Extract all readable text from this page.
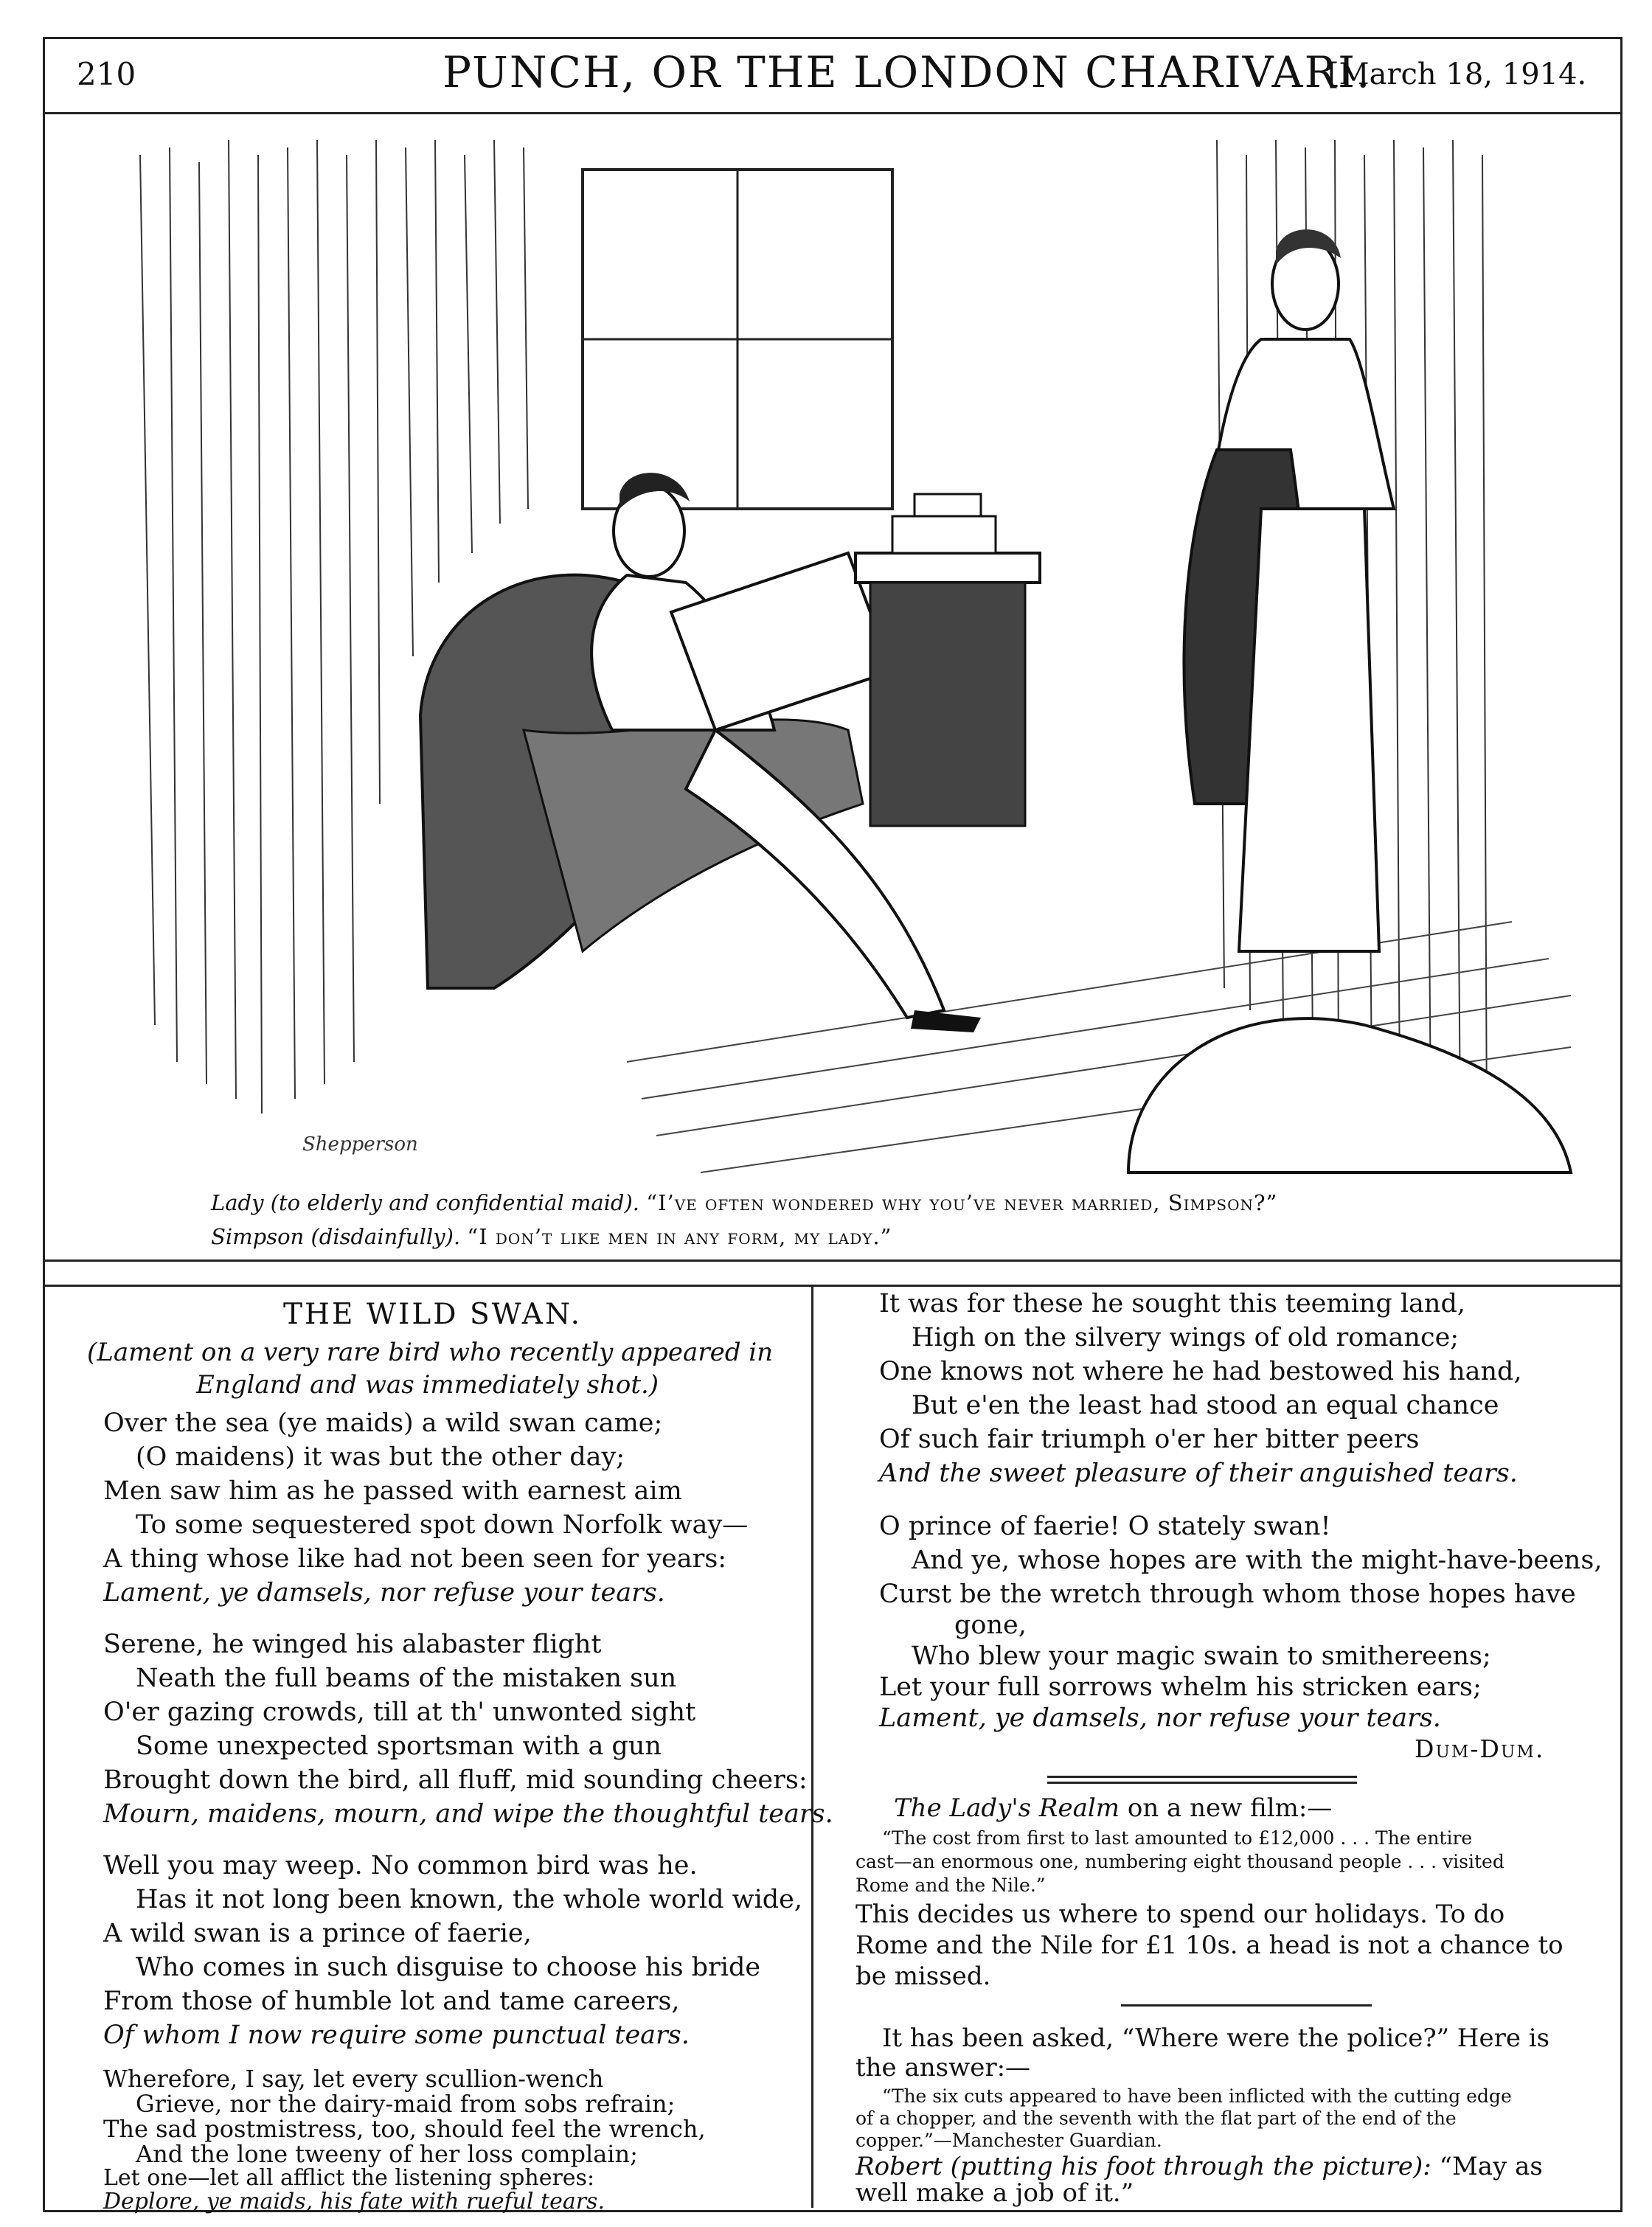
210	PUNCH, OR THE LONDON CHARIVARI.
[March 18, 1914.
Shepperson
Lady (to elderly and confidential maid). “I’ve often wondered why you’ve never married, Simpson?”
Simpson (disdainfully). “I don’t like men in any form, my lady.”
THE WILD SWAN.
(Lament on a very rare bird who recently appeared in
England and was immediately shot.)
Over the sea (ye maids) a wild swan came;
(O maidens) it was but the other day;
Men saw him as he passed with earnest aim
To some sequestered spot down Norfolk way—
A thing whose like had not been seen for years:
Lament, ye damsels, nor refuse your tears.
Serene, he winged his alabaster flight
Neath the full beams of the mistaken sun
O'er gazing crowds, till at th' unwonted sight
Some unexpected sportsman with a gun
Brought down the bird, all fluff, mid sounding cheers:
Mourn, maidens, mourn, and wipe the thoughtful tears.
Well you may weep. No common bird was he.
Has it not long been known, the whole world wide,
A wild swan is a prince of faerie,
Who comes in such disguise to choose his bride
From those of humble lot and tame careers,
Of whom I now require some punctual tears.
Wherefore, I say, let every scullion-wench
Grieve, nor the dairy-maid from sobs refrain;
The sad postmistress, too, should feel the wrench,
And the lone tweeny of her loss complain;
It was for these he sought this teeming land,
High on the silvery wings of old romance;
One knows not where he had bestowed his hand,
But e'en the least had stood an equal chance
Of such fair triumph o'er her bitter peers
And the sweet pleasure of their anguished tears.
O prince of faerie! O stately swan!
And ye, whose hopes are with the might-have-beens,
Curst be the wretch through whom those hopes have
gone,
Who blew your magic swain to smithereens;
Let your full sorrows whelm his stricken ears;
Lament, ye damsels, nor refuse your tears.
Dum-Dum.
The Lady's Realm on a new film:—
“The cost from first to last amounted to £12,000 . . . The entire
cast—an enormous one, numbering eight thousand people . . . visited
Rome and the Nile.”
This decides us where to spend our holidays. To do
Rome and the Nile for £1 10s. a head is not a chance to
be missed.
It has been asked, “Where were the police?” Here is
the answer:—
“The six cuts appeared to have been inflicted with the cutting edge
of a chopper, and the seventh with the flat part of the end of the
copper.”—Manchester Guardian.
Robert (putting his foot through the picture): “May as
well make a job of it.”
Let one—let all afflict the listening spheres:
Deplore, ye maids, his fate with rueful tears.
